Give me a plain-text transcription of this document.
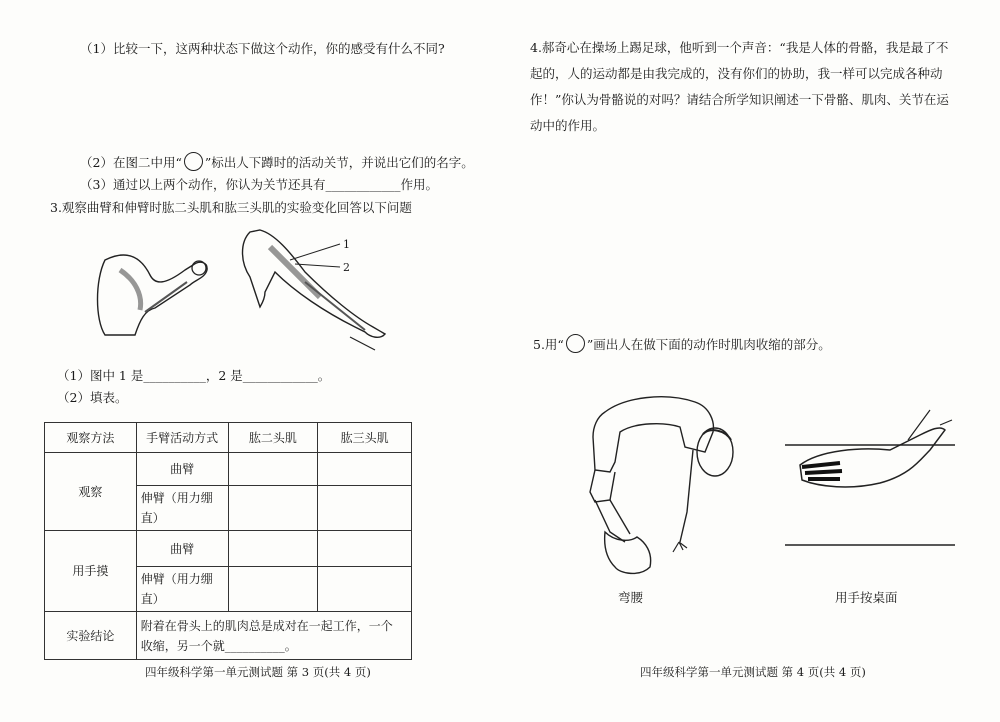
（1）比较一下，这两种状态下做这个动作，你的感受有什么不同?
（2）在图二中用“ ”标出人下蹲时的活动关节，并说出它们的名字。
（3）通过以上两个动作，你认为关节还具有____________作用。
3.观察曲臂和伸臂时肱二头肌和肱三头肌的实验变化回答以下问题
1
2
（1）图中 1 是__________，2 是____________。
（2）填表。
观察方法	手臂活动方式	肱二头肌	肱三头肌
观察	曲臂		
	伸臂（用力绷
直）		
用手摸	曲臂		
	伸臂（用力绷
直）		
实验结论	附着在骨头上的肌肉总是成对在一起工作，一个
收缩，另一个就__________。		
四年级科学第一单元测试题 第 3 页(共 4 页)
4.郝奇心在操场上踢足球，他听到一个声音：“我是人体的骨骼，我是最了不起的，人的运动都是由我完成的，没有你们的协助，我一样可以完成各种动作！”你认为骨骼说的对吗？请结合所学知识阐述一下骨骼、肌肉、关节在运动中的作用。
5.用“ ”画出人在做下面的动作时肌肉收缩的部分。
弯腰	用手按桌面
四年级科学第一单元测试题 第 4 页(共 4 页)
